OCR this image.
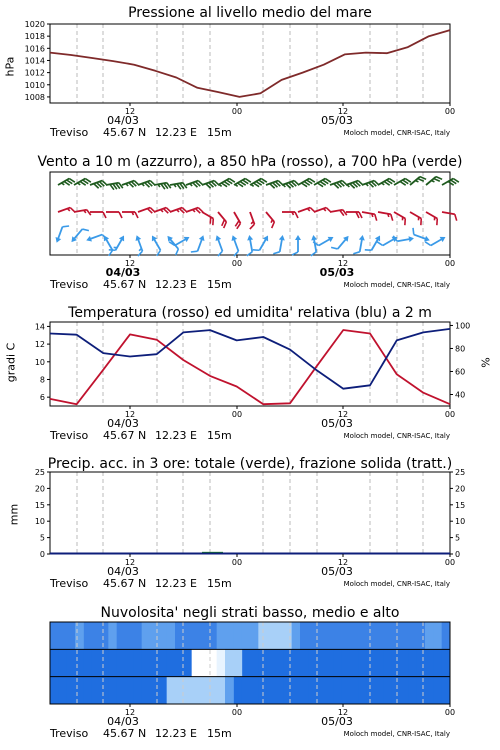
Pressione al livello medio del mare
1008
1010
1012
1014
1016
1018
1020
12	00	12	00
04/03	05/03
Treviso 45.67 N 12.23 E 15m	Moloch model, CNR-ISAC, Italy
hPa
Vento a 10 m (azzurro), a 850 hPa (rosso), a 700 hPa (verde)
12	00	12	00
04/03	05/03
Treviso 45.67 N 12.23 E 15m	Moloch model, CNR-ISAC, Italy
Temperatura (rosso) ed umidita' relativa (blu) a 2 m
6
8
10
12
14
40
60
80
100
12	00	12	00
04/03	05/03
Treviso 45.67 N 12.23 E 15m	Moloch model, CNR-ISAC, Italy
gradi C	%
Precip. acc. in 3 ore: totale (verde), frazione solida (tratt.)
0
5
10
15
20
25
0
5
10
15
20
25
12	00	12	00
04/03	05/03
Treviso 45.67 N 12.23 E 15m	Moloch model, CNR-ISAC, Italy
mm
Nuvolosita' negli strati basso, medio e alto
12	00	12	00
04/03	05/03
Treviso 45.67 N 12.23 E 15m	Moloch model, CNR-ISAC, Italy
